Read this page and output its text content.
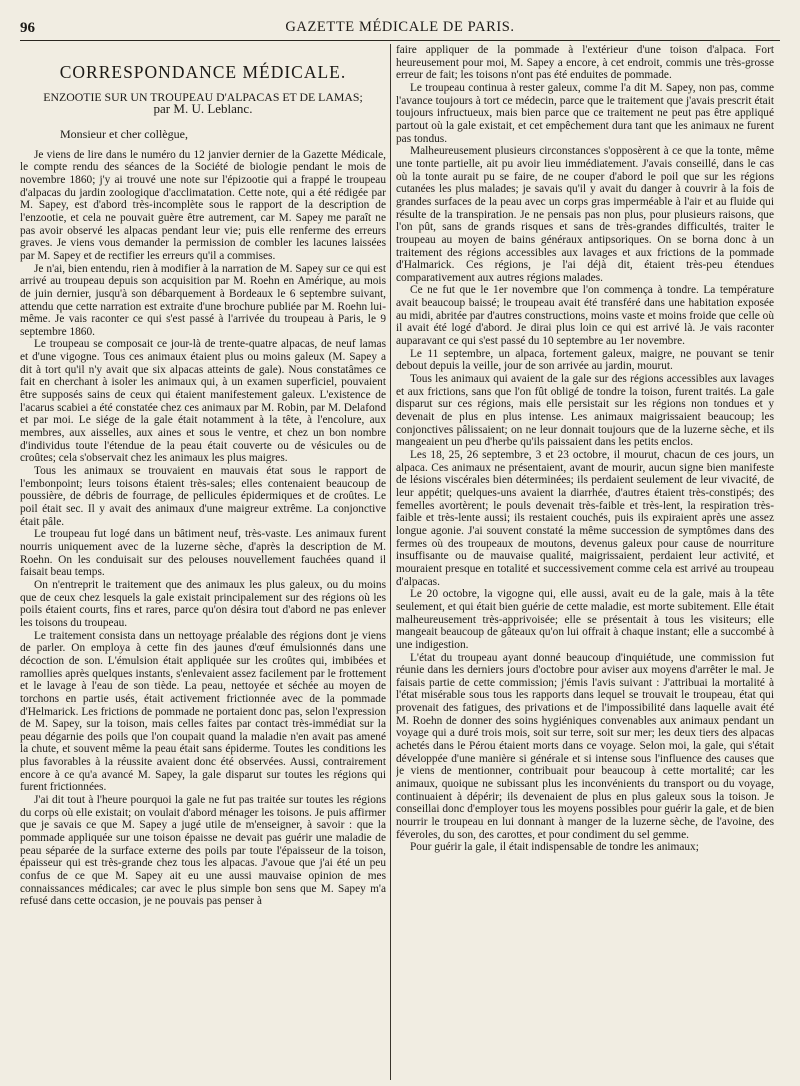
96	GAZETTE MÉDICALE DE PARIS.
CORRESPONDANCE MÉDICALE.
ENZOOTIE SUR UN TROUPEAU D'ALPACAS ET DE LAMAS;
par M. U. Leblanc.

Monsieur et cher collègue,

Je viens de lire dans le numéro du 12 janvier dernier de la Gazette Médicale, le compte rendu des séances de la Société de biologie pendant le mois de novembre 1860; j'y ai trouvé une note sur l'épizootie qui a frappé le troupeau d'alpacas du jardin zoologique d'acclimatation. Cette note, qui a été rédigée par M. Sapey, est d'abord très-incomplète sous le rapport de la description de l'enzootie, et cela ne pouvait guère être autrement, car M. Sapey me paraît ne pas avoir observé les alpacas pendant leur vie; puis elle renferme des erreurs graves. Je viens vous demander la permission de combler les lacunes laissées par M. Sapey et de rectifier les erreurs qu'il a commises.

Je n'ai, bien entendu, rien à modifier à la narration de M. Sapey sur ce qui est arrivé au troupeau depuis son acquisition par M. Roehn en Amérique, au mois de juin dernier, jusqu'à son débarquement à Bordeaux le 6 septembre suivant, attendu que cette narration est extraite d'une brochure publiée par M. Roehn lui-même. Je vais raconter ce qui s'est passé à l'arrivée du troupeau à Paris, le 9 septembre 1860.

Le troupeau se composait ce jour-là de trente-quatre alpacas, de neuf lamas et d'une vigogne. Tous ces animaux étaient plus ou moins galeux (M. Sapey a dit à tort qu'il n'y avait que six alpacas atteints de gale). Nous constatâmes ce fait en cherchant à isoler les animaux qui, à un examen superficiel, pouvaient être supposés sains de ceux qui étaient manifestement galeux. L'existence de l'acarus scabiei a été constatée chez ces animaux par M. Robin, par M. Delafond et par moi. Le siége de la gale était notamment à la tête, à l'encolure, aux membres, aux aisselles, aux aines et sous le ventre, et chez un bon nombre d'individus toute l'étendue de la peau était couverte ou de vésicules ou de croûtes; cela s'observait chez les animaux les plus maigres.

Tous les animaux se trouvaient en mauvais état sous le rapport de l'embonpoint; leurs toisons étaient très-sales; elles contenaient beaucoup de poussière, de débris de fourrage, de pellicules épidermiques et de croûtes. Le poil était sec. Il y avait des animaux d'une maigreur extrême. La conjonctive était pâle.

Le troupeau fut logé dans un bâtiment neuf, très-vaste. Les animaux furent nourris uniquement avec de la luzerne sèche, d'après la description de M. Roehn. On les conduisait sur des pelouses nouvellement fauchées quand il faisait beau temps.

On n'entreprit le traitement que des animaux les plus galeux, ou du moins que de ceux chez lesquels la gale existait principalement sur des régions où les poils étaient courts, fins et rares, parce qu'on désira tout d'abord ne pas enlever les toisons du troupeau.

Le traitement consista dans un nettoyage préalable des régions dont je viens de parler. On employa à cette fin des jaunes d'œuf émulsionnés dans une décoction de son. L'émulsion était appliquée sur les croûtes qui, imbibées et ramollies après quelques instants, s'enlevaient assez facilement par le frottement et le lavage à l'eau de son tiède. La peau, nettoyée et séchée au moyen de torchons en partie usés, était activement frictionnée avec de la pommade d'Helmarick. Les frictions de pommade ne portaient donc pas, selon l'expression de M. Sapey, sur la toison, mais celles faites par contact très-immédiat sur la peau dégarnie des poils que l'on coupait quand la maladie n'en avait pas amené la chute, et souvent même la peau était sans épiderme. Toutes les conditions les plus favorables à la réussite avaient donc été observées. Aussi, contrairement encore à ce qu'a avancé M. Sapey, la gale disparut sur toutes les régions qui furent frictionnées.

J'ai dit tout à l'heure pourquoi la gale ne fut pas traitée sur toutes les régions du corps où elle existait; on voulait d'abord ménager les toisons. Je puis affirmer que je savais ce que M. Sapey a jugé utile de m'enseigner, à savoir : que la pommade appliquée sur une toison épaisse ne devait pas guérir une maladie de peau séparée de la surface externe des poils par toute l'épaisseur de la toison, épaisseur qui est très-grande chez tous les alpacas. J'avoue que j'ai été un peu confus de ce que M. Sapey ait eu une aussi mauvaise opinion de mes connaissances médicales; car avec le plus simple bon sens que M. Sapey m'a refusé dans cette occasion, je ne pouvais pas penser à

faire appliquer de la pommade à l'extérieur d'une toison d'alpaca. Fort heureusement pour moi, M. Sapey a encore, à cet endroit, commis une très-grosse erreur de fait; les toisons n'ont pas été enduites de pommade.

Le troupeau continua à rester galeux, comme l'a dit M. Sapey, non pas, comme l'avance toujours à tort ce médecin, parce que le traitement que j'avais prescrit était toujours infructueux, mais bien parce que ce traitement ne peut pas être appliqué partout où la gale existait, et cet empêchement dura tant que les animaux ne furent pas tondus.

Malheureusement plusieurs circonstances s'opposèrent à ce que la tonte, même une tonte partielle, ait pu avoir lieu immédiatement. J'avais conseillé, dans le cas où la tonte aurait pu se faire, de ne couper d'abord le poil que sur les régions cutanées les plus malades; je savais qu'il y avait du danger à couvrir à la fois de grandes surfaces de la peau avec un corps gras imperméable à l'air et au fluide qui résulte de la transpiration. Je ne pensais pas non plus, pour plusieurs raisons, que l'on pût, sans de grands risques et sans de très-grandes difficultés, traiter le troupeau au moyen de bains généraux antipsoriques. On se borna donc à un traitement des régions accessibles aux lavages et aux frictions de la pommade d'Halmarick. Ces régions, je l'ai déjà dit, étaient très-peu étendues comparativement aux autres régions malades.

Ce ne fut que le 1er novembre que l'on commença à tondre. La température avait beaucoup baissé; le troupeau avait été transféré dans une habitation exposée au midi, abritée par d'autres constructions, moins vaste et moins froide que celle où il avait été logé d'abord. Je dirai plus loin ce qui est arrivé là. Je vais raconter auparavant ce qui s'est passé du 10 septembre au 1er novembre.

Le 11 septembre, un alpaca, fortement galeux, maigre, ne pouvant se tenir debout depuis la veille, jour de son arrivée au jardin, mourut.

Tous les animaux qui avaient de la gale sur des régions accessibles aux lavages et aux frictions, sans que l'on fût obligé de tondre la toison, furent traités. La gale disparut sur ces régions, mais elle persistait sur les régions non tondues et y devenait de plus en plus intense. Les animaux maigrissaient beaucoup; les conjonctives pâlissaient; on ne leur donnait toujours que de la luzerne sèche, et ils mangeaient un peu d'herbe qu'ils paissaient dans les petits enclos.

Les 18, 25, 26 septembre, 3 et 23 octobre, il mourut, chacun de ces jours, un alpaca. Ces animaux ne présentaient, avant de mourir, aucun signe bien manifeste de lésions viscérales bien déterminées; ils perdaient seulement de leur vivacité, de leur appétit; quelques-uns avaient la diarrhée, d'autres étaient très-constipés; des femelles avortèrent; le pouls devenait très-faible et très-lent, la respiration très-faible et très-lente aussi; ils restaient couchés, puis ils expiraient après une assez longue agonie. J'ai souvent constaté la même succession de symptômes dans des fermes où des troupeaux de moutons, devenus galeux pour cause de nourriture insuffisante ou de mauvaise qualité, maigrissaient, perdaient leur activité, et mouraient presque en totalité et successivement comme cela est arrivé au troupeau d'alpacas.

Le 20 octobre, la vigogne qui, elle aussi, avait eu de la gale, mais à la tête seulement, et qui était bien guérie de cette maladie, est morte subitement. Elle était malheureusement très-apprivoisée; elle se présentait à tous les visiteurs; elle mangeait beaucoup de gâteaux qu'on lui offrait à chaque instant; elle a succombé à une indigestion.

L'état du troupeau ayant donné beaucoup d'inquiétude, une commission fut réunie dans les derniers jours d'octobre pour aviser aux moyens d'arrêter le mal. Je faisais partie de cette commission; j'émis l'avis suivant : J'attribuai la mortalité à l'état misérable sous tous les rapports dans lequel se trouvait le troupeau, état qui provenait des fatigues, des privations et de l'impossibilité dans laquelle avait été M. Roehn de donner des soins hygiéniques convenables aux animaux pendant un voyage qui a duré trois mois, soit sur terre, soit sur mer; les deux tiers des alpacas achetés dans le Pérou étaient morts dans ce voyage. Selon moi, la gale, qui s'était développée d'une manière si générale et si intense sous l'influence des causes que je viens de mentionner, contribuait pour beaucoup à cette mortalité; car les animaux, quoique ne subissant plus les inconvénients du transport ou du voyage, continuaient à dépérir; ils devenaient de plus en plus galeux sous la toison. Je conseillai donc d'employer tous les moyens possibles pour guérir la gale, et de bien nourrir le troupeau en lui donnant à manger de la luzerne sèche, de l'avoine, des féveroles, du son, des carottes, et pour condiment du sel gemme.

Pour guérir la gale, il était indispensable de tondre les animaux;
